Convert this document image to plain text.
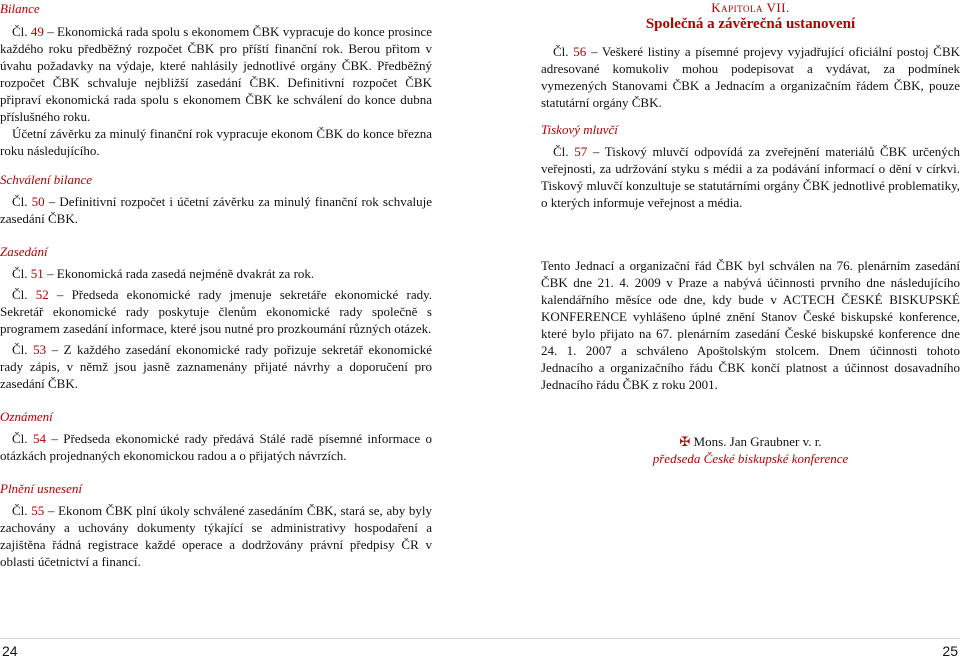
Bilance

Čl. 49 – Ekonomická rada spolu s ekonomem ČBK vypracuje do konce prosince každého roku předběžný rozpočet ČBK pro příští finanční rok. Berou přitom v úvahu požadavky na výdaje, které nahlásily jednotlivé orgány ČBK. Předběžný rozpočet ČBK schvaluje nejbližší zasedání ČBK. Definitivní rozpočet ČBK připraví ekonomická rada spolu s ekonomem ČBK ke schválení do konce dubna příslušného roku.

Účetní závěrku za minulý finanční rok vypracuje ekonom ČBK do konce března roku následujícího.

Schválení bilance

Čl. 50 – Definitivní rozpočet i účetní závěrku za minulý finanční rok schvaluje zasedání ČBK.

Zasedání

Čl. 51 – Ekonomická rada zasedá nejméně dvakrát za rok.

Čl. 52 – Předseda ekonomické rady jmenuje sekretáře ekonomické rady. Sekretář ekonomické rady poskytuje členům ekonomické rady společně s programem zasedání informace, které jsou nutné pro prozkoumání různých otázek.

Čl. 53 – Z každého zasedání ekonomické rady pořizuje sekretář ekonomické rady zápis, v němž jsou jasně zaznamenány přijaté návrhy a doporučení pro zasedání ČBK.

Oznámení

Čl. 54 – Předseda ekonomické rady předává Stálé radě písemné informace o otázkách projednaných ekonomickou radou a o přijatých návrzích.

Plnění usnesení

Čl. 55 – Ekonom ČBK plní úkoly schválené zasedáním ČBK, stará se, aby byly zachovány a uchovány dokumenty týkající se administrativy hospodaření a zajištěna řádná registrace každé operace a dodržovány právní předpisy ČR v oblasti účetnictví a financí.

Kapitola VII.

Společná a závěrečná ustanovení

Čl. 56 – Veškeré listiny a písemné projevy vyjadřující oficiální postoj ČBK adresované komukoliv mohou podepisovat a vydávat, za podmínek vymezených Stanovami ČBK a Jednacím a organizačním řádem ČBK, pouze statutární orgány ČBK.

Tiskový mluvčí

Čl. 57 – Tiskový mluvčí odpovídá za zveřejnění materiálů ČBK určených veřejnosti, za udržování styku s médii a za podávání informací o dění v církvi. Tiskový mluvčí konzultuje se statutárními orgány ČBK jednotlivé problematiky, o kterých informuje veřejnost a média.

Tento Jednací a organizační řád ČBK byl schválen na 76. plenárním zasedání ČBK dne 21. 4. 2009 v Praze a nabývá účinnosti prvního dne následujícího kalendářního měsíce ode dne, kdy bude v ACTECH ČESKÉ BISKUPSKÉ KONFERENCE vyhlášeno úplné znění Stanov České biskupské konference, které bylo přijato na 67. plenárním zasedání České biskupské konference dne 24. 1. 2007 a schváleno Apoštolským stolcem. Dnem účinnosti tohoto Jednacího a organizačního řádu ČBK končí platnost a účinnost dosavadního Jednacího řádu ČBK z roku 2001.

✠ Mons. Jan Graubner v. r.

předseda České biskupské konference

24	25
